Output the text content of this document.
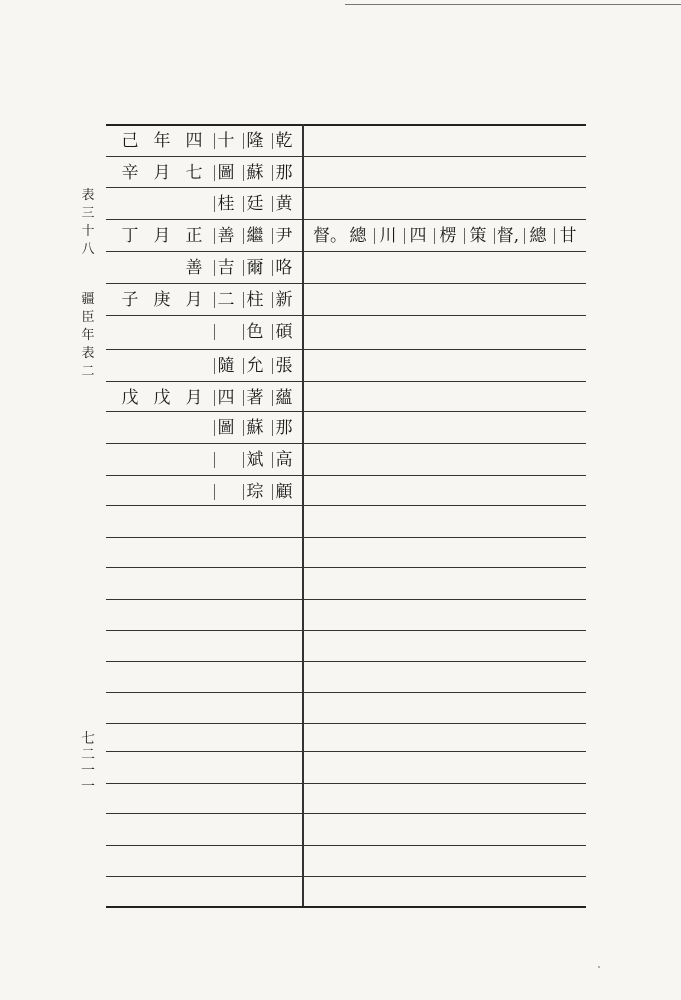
表
三
十
八
疆
臣
年
表
二
七
二
一
一
己 年 四 十 隆 乾
辛 月 七 圖 蘇 那
桂 廷 黄
丁 月 正 善 繼 尹	督。 總 川 四 楞 策 督, 總 甘
善 吉 爾 咯
子 庚 月 二 柱 新
色 碩
隨 允 張
戊 戊 月 四 著 蘊
圖 蘇 那
斌 高
琮 顧
